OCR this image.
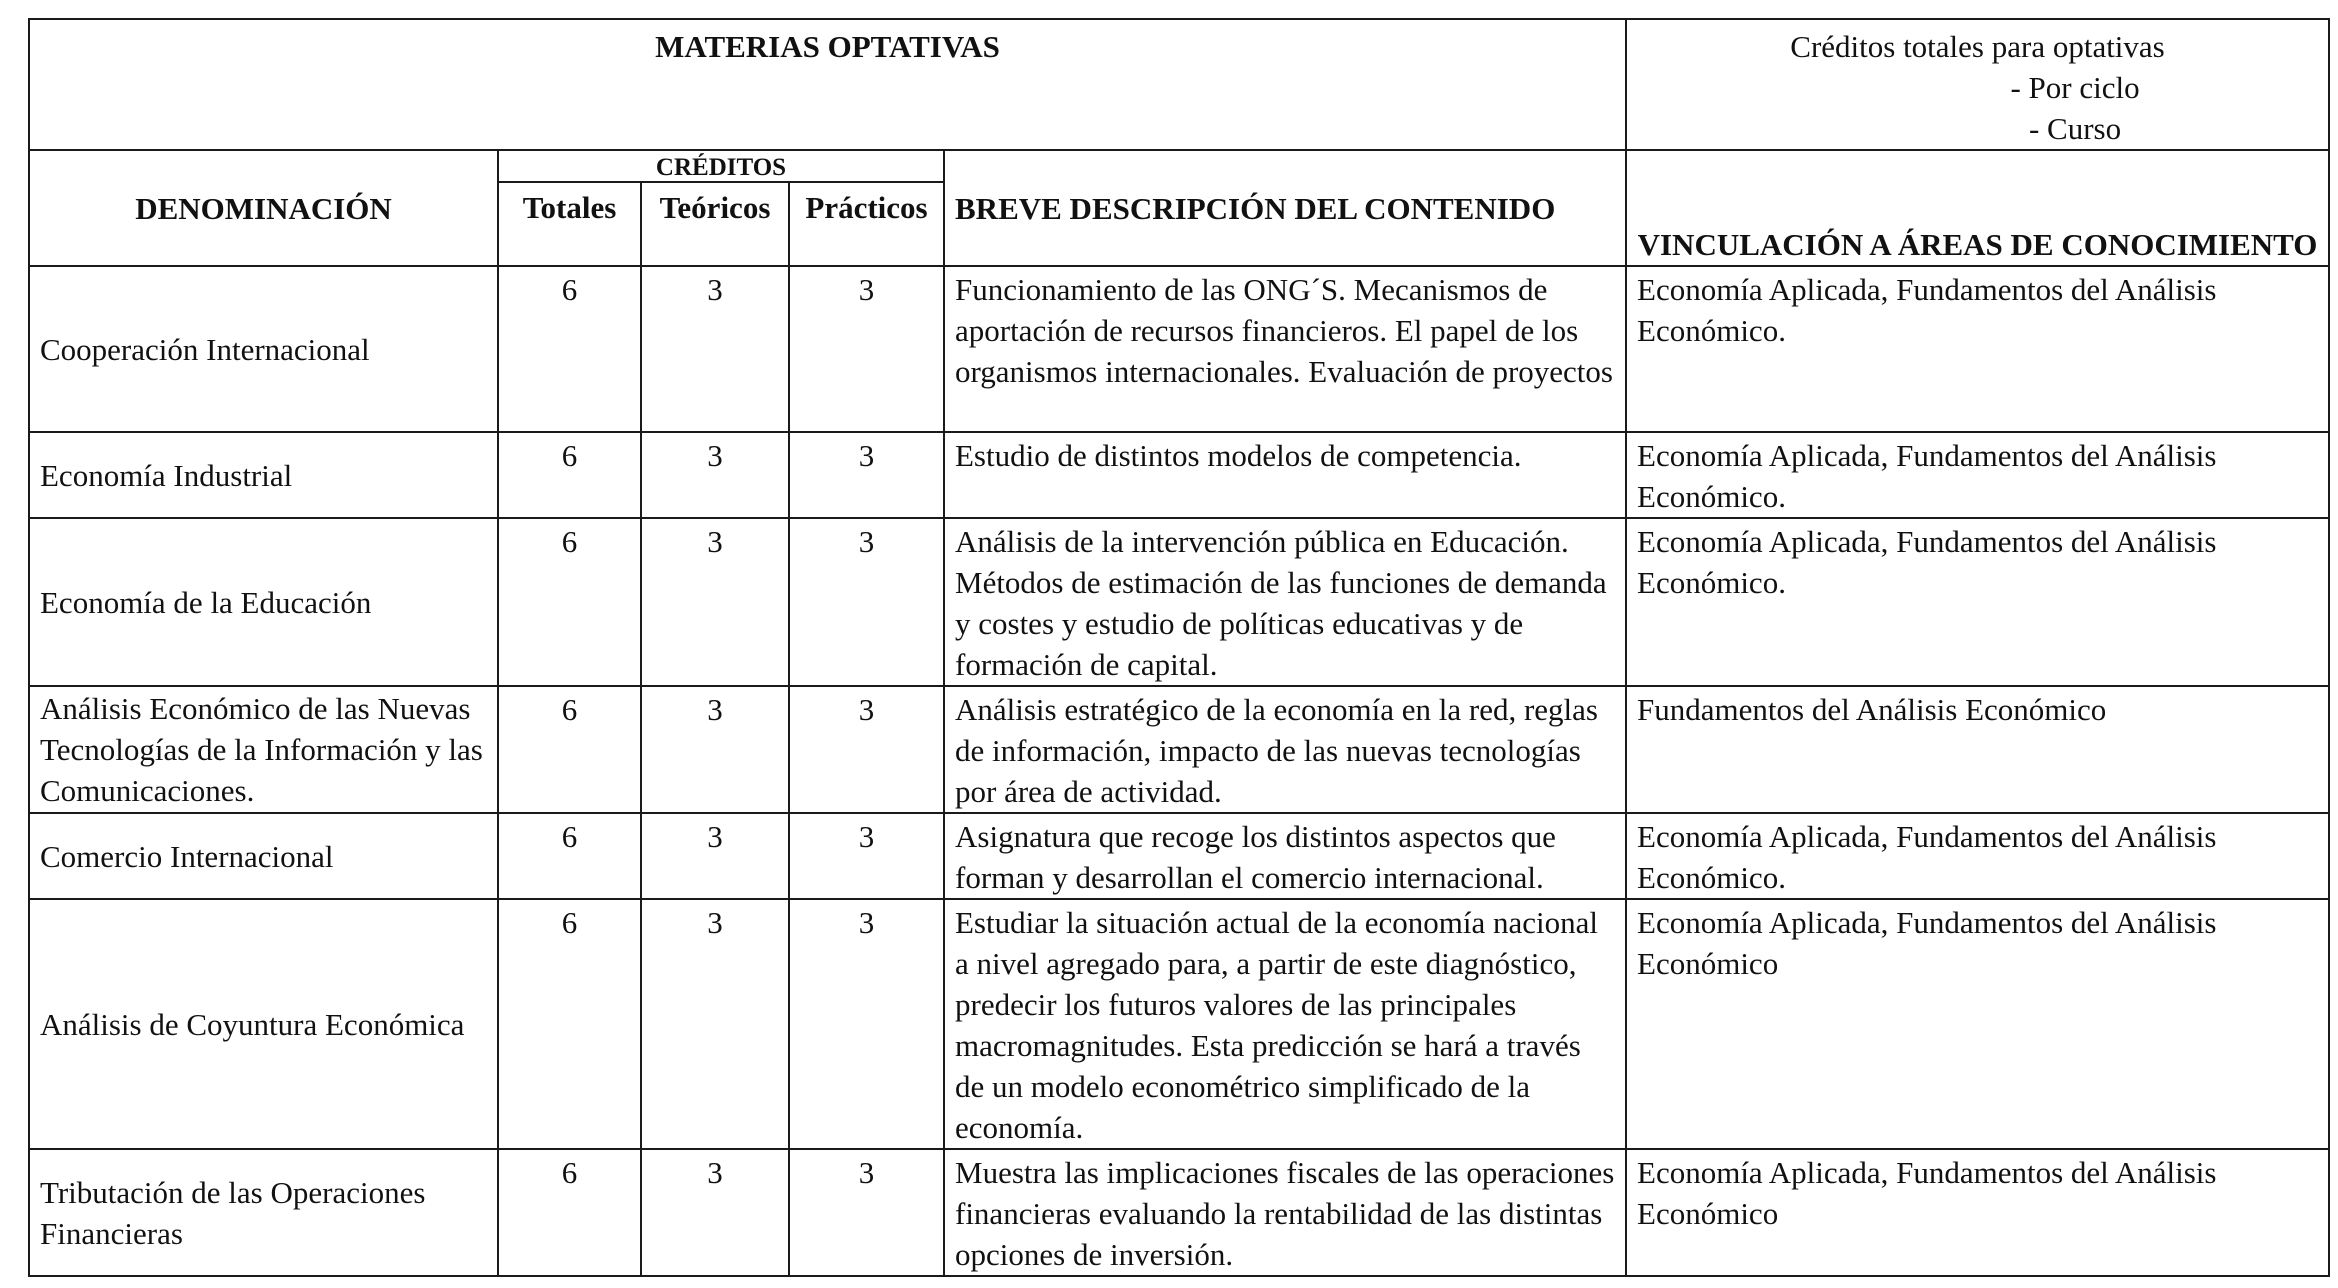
MATERIAS OPTATIVAS					Créditos totales para optativas
- Por ciclo
- Curso

DENOMINACIÓN	CRÉDITOS			BREVE DESCRIPCIÓN DEL CONTENIDO	VINCULACIÓN A ÁREAS DE CONOCIMIENTO
	Totales	Teóricos	Prácticos		
Cooperación Internacional	6	3	3	Funcionamiento de las ONG´S. Mecanismos de aportación de recursos financieros. El papel de los organismos internacionales. Evaluación de proyectos	Economía Aplicada, Fundamentos del Análisis Económico.
Economía Industrial	6	3	3	Estudio de distintos modelos de competencia.	Economía Aplicada, Fundamentos del Análisis Económico.
Economía de la Educación	6	3	3	Análisis de la intervención pública en Educación. Métodos de estimación de las funciones de demanda y costes y estudio de políticas educativas y de formación de capital.	Economía Aplicada, Fundamentos del Análisis Económico.
Análisis Económico de las Nuevas Tecnologías de la Información y las Comunicaciones.	6	3	3	Análisis estratégico de la economía en la red, reglas de información, impacto de las nuevas tecnologías por área de actividad.	Fundamentos del Análisis Económico
Comercio Internacional	6	3	3	Asignatura que recoge los distintos aspectos que forman y desarrollan el comercio internacional.	Economía Aplicada, Fundamentos del Análisis Económico.
Análisis de Coyuntura Económica	6	3	3	Estudiar la situación actual de la economía nacional a nivel agregado para, a partir de este diagnóstico, predecir los futuros valores de las principales macromagnitudes. Esta predicción se hará a través de un modelo econométrico simplificado de la economía.	Economía Aplicada, Fundamentos del Análisis Económico
Tributación de las Operaciones Financieras	6	3	3	Muestra las implicaciones fiscales de las operaciones financieras evaluando la rentabilidad de las distintas opciones de inversión.	Economía Aplicada, Fundamentos del Análisis Económico
